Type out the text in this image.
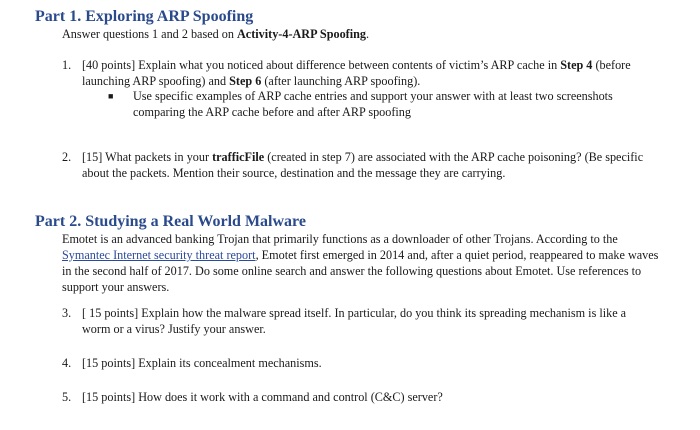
Part 1. Exploring ARP Spoofing
Answer questions 1 and 2 based on Activity-4-ARP Spoofing.
1. [40 points] Explain what you noticed about difference between contents of victim’s ARP cache in Step 4 (before launching ARP spoofing) and Step 6 (after launching ARP spoofing).
■ Use specific examples of ARP cache entries and support your answer with at least two screenshots comparing the ARP cache before and after ARP spoofing
2. [15] What packets in your trafficFile (created in step 7) are associated with the ARP cache poisoning? (Be specific about the packets. Mention their source, destination and the message they are carrying.
Part 2. Studying a Real World Malware
Emotet is an advanced banking Trojan that primarily functions as a downloader of other Trojans. According to the Symantec Internet security threat report, Emotet first emerged in 2014 and, after a quiet period, reappeared to make waves in the second half of 2017. Do some online search and answer the following questions about Emotet. Use references to support your answers.
3. [ 15 points] Explain how the malware spread itself. In particular, do you think its spreading mechanism is like a worm or a virus? Justify your answer.
4. [15 points] Explain its concealment mechanisms.
5. [15 points] How does it work with a command and control (C&C) server?
